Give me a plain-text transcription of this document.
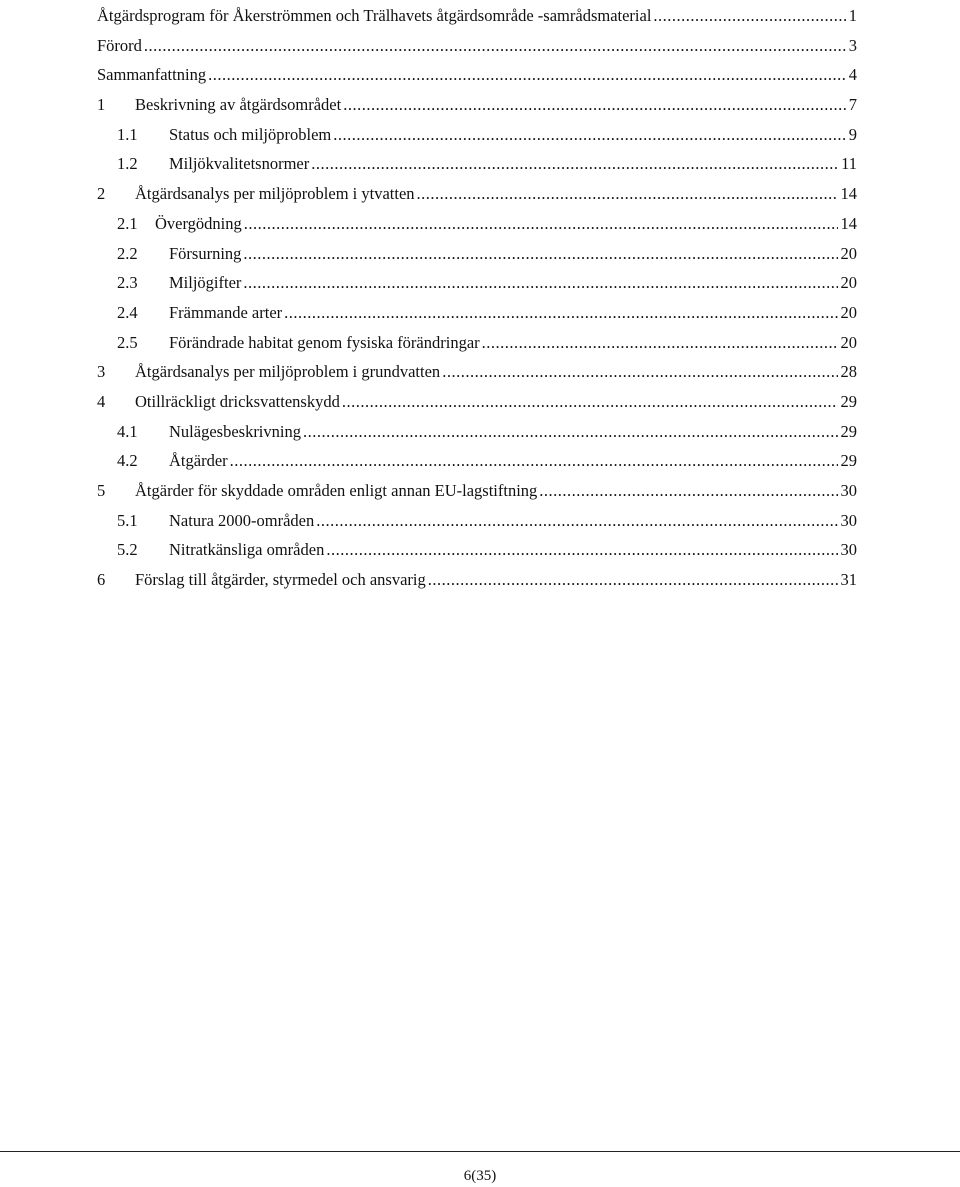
Åtgärdsprogram för Åkerströmmen och Trälhavets åtgärdsområde -samrådsmaterial .....	1
Förord .....	3
Sammanfattning .....	4
1	Beskrivning av åtgärdsområdet .....	7
1.1	Status och miljöproblem .....	9
1.2	Miljökvalitetsnormer .....	11
2	Åtgärdsanalys per miljöproblem i ytvatten .....	14
2.1	Övergödning .....	14
2.2	Försurning .....	20
2.3	Miljögifter .....	20
2.4	Främmande arter .....	20
2.5	Förändrade habitat genom fysiska förändringar .....	20
3	Åtgärdsanalys per miljöproblem i grundvatten .....	28
4	Otillräckligt dricksvattenskydd .....	29
4.1	Nulägesbeskrivning .....	29
4.2	Åtgärder .....	29
5	Åtgärder för skyddade områden enligt annan EU-lagstiftning .....	30
5.1	Natura 2000-områden .....	30
5.2	Nitratkänsliga områden .....	30
6	Förslag till åtgärder, styrmedel och ansvarig .....	31
6(35)
